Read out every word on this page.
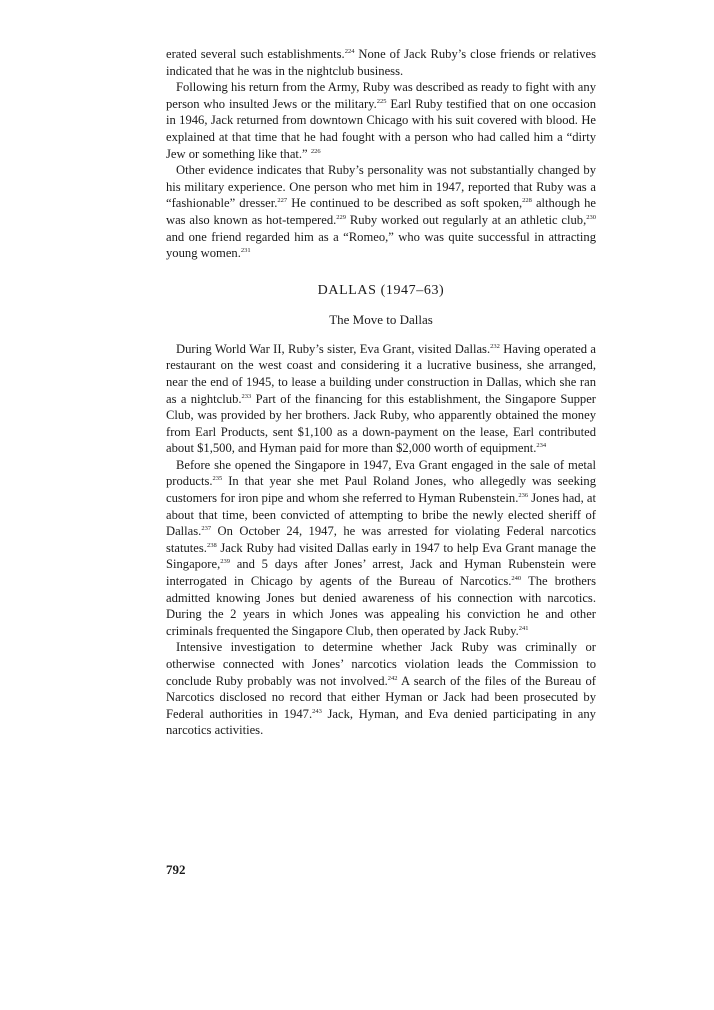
erated several such establishments.$^{224}$ None of Jack Ruby’s close friends or relatives indicated that he was in the nightclub business.

Following his return from the Army, Ruby was described as ready to fight with any person who insulted Jews or the military.$^{225}$ Earl Ruby testified that on one occasion in 1946, Jack returned from downtown Chicago with his suit covered with blood. He explained at that time that he had fought with a person who had called him a “dirty Jew or something like that.” $^{226}$

Other evidence indicates that Ruby’s personality was not substantially changed by his military experience. One person who met him in 1947, reported that Ruby was a “fashionable” dresser.$^{227}$ He continued to be described as soft spoken,$^{228}$ although he was also known as hot-tempered.$^{229}$ Ruby worked out regularly at an athletic club,$^{230}$ and one friend regarded him as a “Romeo,” who was quite successful in attracting young women.$^{231}$

DALLAS (1947–63)
The Move to Dallas

During World War II, Ruby’s sister, Eva Grant, visited Dallas.$^{232}$ Having operated a restaurant on the west coast and considering it a lucrative business, she arranged, near the end of 1945, to lease a building under construction in Dallas, which she ran as a nightclub.$^{233}$ Part of the financing for this establishment, the Singapore Supper Club, was provided by her brothers. Jack Ruby, who apparently obtained the money from Earl Products, sent $1,100 as a down-payment on the lease, Earl contributed about $1,500, and Hyman paid for more than $2,000 worth of equipment.$^{234}$

Before she opened the Singapore in 1947, Eva Grant engaged in the sale of metal products.$^{235}$ In that year she met Paul Roland Jones, who allegedly was seeking customers for iron pipe and whom she referred to Hyman Rubenstein.$^{236}$ Jones had, at about that time, been convicted of attempting to bribe the newly elected sheriff of Dallas.$^{237}$ On October 24, 1947, he was arrested for violating Federal narcotics statutes.$^{238}$ Jack Ruby had visited Dallas early in 1947 to help Eva Grant manage the Singapore,$^{239}$ and 5 days after Jones’ arrest, Jack and Hyman Rubenstein were interrogated in Chicago by agents of the Bureau of Narcotics.$^{240}$ The brothers admitted knowing Jones but denied awareness of his connection with narcotics. During the 2 years in which Jones was appealing his conviction he and other criminals frequented the Singapore Club, then operated by Jack Ruby.$^{241}$

Intensive investigation to determine whether Jack Ruby was criminally or otherwise connected with Jones’ narcotics violation leads the Commission to conclude Ruby probably was not involved.$^{242}$ A search of the files of the Bureau of Narcotics disclosed no record that either Hyman or Jack had been prosecuted by Federal authorities in 1947.$^{243}$ Jack, Hyman, and Eva denied participating in any narcotics activities.

792
